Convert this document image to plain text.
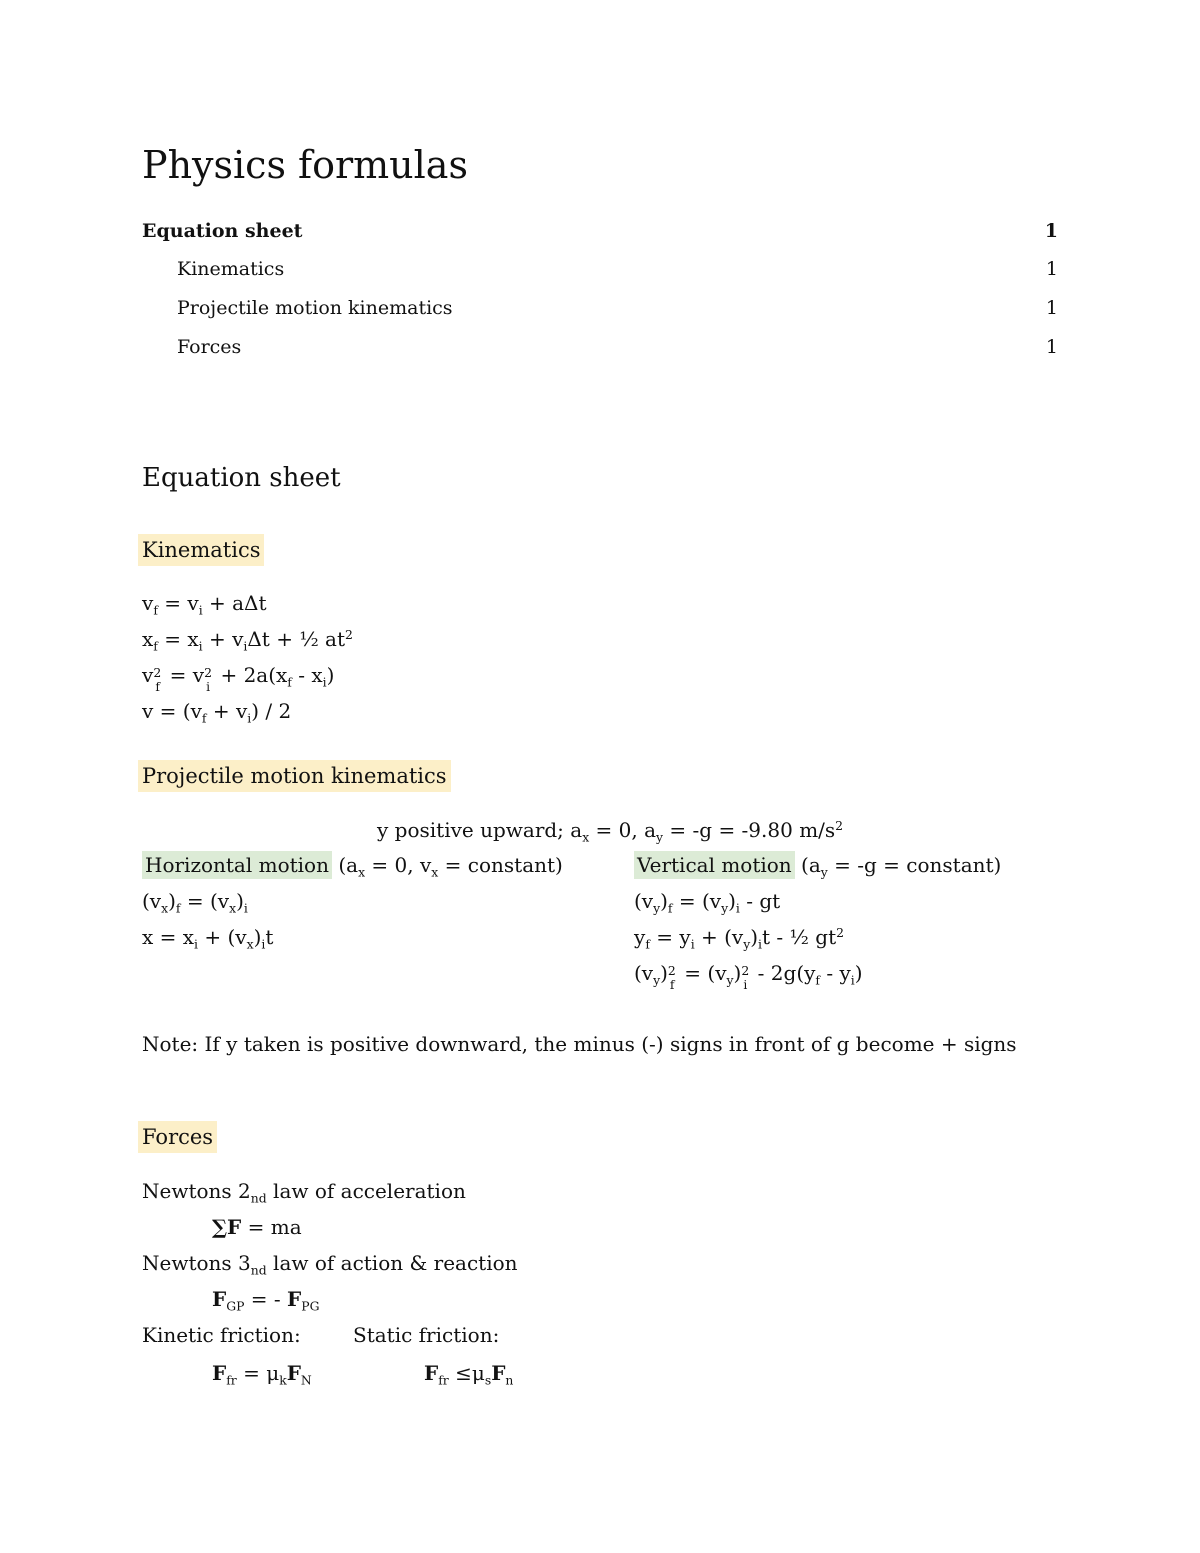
Physics formulas
Equation sheet	1
Kinematics	1
Projectile motion kinematics	1
Forces	1
Equation sheet
Kinematics
$v_f = v_i + a\Delta t$
$x_f = x_i + v_i\Delta t$ + ½ $at^2$
v 2
f = v 2
$i + 2a(x_f - x_i)$
$v = (v_f + v_i) / 2$
Projectile motion kinematics
y positive upward; $a_x = 0$, $a_y = -g = -9.80$ $m/s^2$
Horizontal motion ($a_x = 0$, $v_x$ = constant)
$(v_x)_f = (v_x)_i$
$x = x_i + (v_x)_it$
Vertical motion ($a_y = -g$ = constant)
$(v_y)_f = (v_y)_i$ - gt
$y_f = y_i + (v_y)_it$ - ½ $gt^2$
$(v_y)$ 2
$f = (v_y)$ 2
i - $2g(y_f - y_i)$
Note: If y taken is positive downward, the minus (-) signs in front of g become + signs
Forces
Newtons $2_{nd}$ law of acceleration
∑F = ma
Newtons $3_{nd}$ law of action & reaction
$F_{GP}$ = - $F_{PG}$
Kinetic friction:	Static friction:
$F_{fr} = \mu_kF_N$	$F_{fr} \le\mu_sF_n$
